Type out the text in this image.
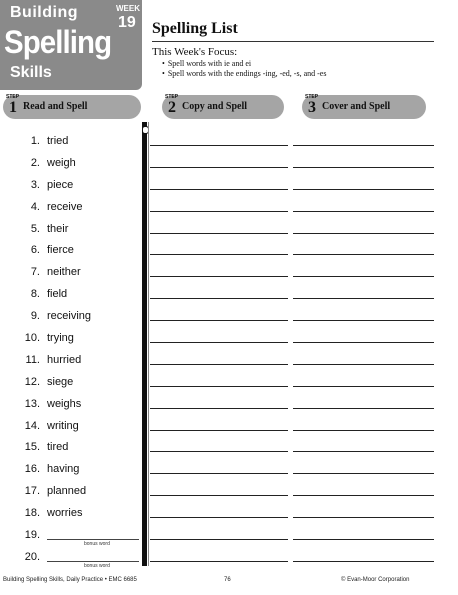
Building
Spelling
Skills
WEEK
19 Spelling List
This Week's Focus:
• Spell words with ie and ei
• Spell words with the endings -ing, -ed, -s, and -es
STEP
1 Read and Spell
STEP
2 Copy and Spell
STEP
3 Cover and Spell
1. tried
2. weigh
3. piece
4. receive
5. their
6. fierce
7. neither
8. field
9. receiving
10. trying
11. hurried
12. siege
13. weighs
14. writing
15. tired
16. having
17. planned
18. worries
19.
bonus word
20.
bonus word
Building Spelling Skills, Daily Practice • EMC 6685	76	© Evan-Moor Corporation
